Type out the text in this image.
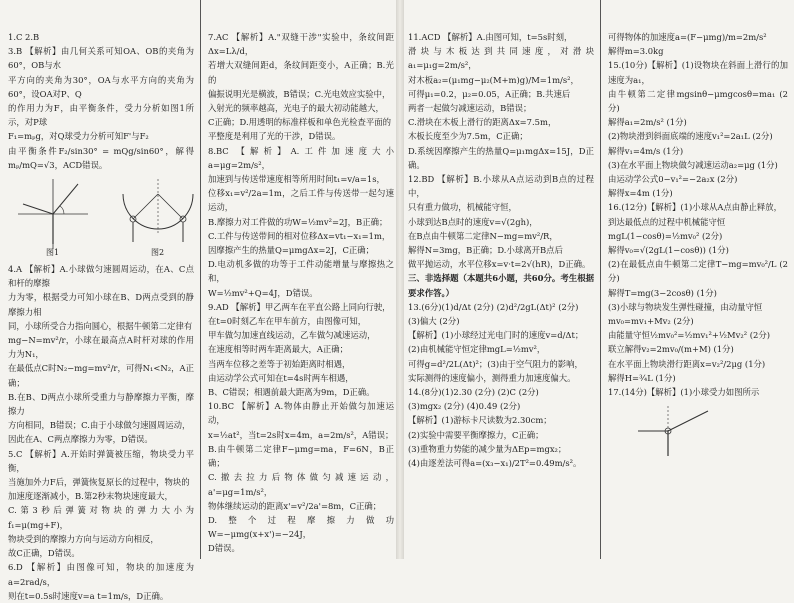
1.C 2.B

3.B 【解析】由几何关系可知OA、OB的夹角为60°，OB与水

平方向的夹角为30°，OA与水平方向的夹角为60°，设OA对P、Q

的作用力为F，由平衡条件，受力分析如图1所示，对P球

F₁=mₚg，对Q球受力分析可知F'与F₂

由平衡条件F₂/sin30° = mQg/sin60°，解得mₚ/mQ=√3，ACD错误。

图1	图2

4.A 【解析】A.小球做匀速圆周运动，在A、C点和杆的摩擦

力为零，根据受力可知小球在B、D两点受到的静摩擦力相

同，小球所受合力指向圆心，根据牛顿第二定律有

mg−N=mv²/r，小球在最高点A时杆对球的作用力为N₁，

在最低点C时N₂−mg=mv²/r，可得N₁<N₂，A正确；

B.在B、D两点小球所受重力与静摩擦力平衡，摩擦力

方向相同，B错误；C.由于小球做匀速圆周运动，

因此在A、C两点摩擦力为零，D错误。

5.C 【解析】A.开始时弹簧被压缩，物块受力平衡，

当施加外力F后，弹簧恢复原长的过程中，物块的

加速度逐渐减小，B.第2秒末物块速度最大，

C.第3秒后弹簧对物块的弹力大小为f₁=μ(mg+F)，

物块受到的摩擦力方向与运动方向相反，

故C正确，D错误。

6.D 【解析】由图像可知，物块的加速度为a=2rad/s，

则在t=0.5s时速度v=a t=1m/s，D正确。

7.AC 【解析】A."双缝干涉"实验中，条纹间距Δx=Lλ/d，

若增大双缝间距d，条纹间距变小，A正确；B.光的

偏振说明光是横波，B错误；C.光电效应实验中，

入射光的频率越高，光电子的最大初动能越大，

C正确；D.用透明的标准样板和单色光检查平面的

平整度是利用了光的干涉，D错误。

8.BC 【解析】A.工件加速度大小a=μg=2m/s²，

加速到与传送带速度相等所用时间t₁=v/a=1s，

位移x₁=v²/2a=1m，之后工件与传送带一起匀速运动，

B.摩擦力对工件做的功W=½mv²=2J，B正确；

C.工件与传送带间的相对位移Δx=vt₁−x₁=1m，

因摩擦产生的热量Q=μmgΔx=2J，C正确；

D.电动机多做的功等于工件动能增量与摩擦热之和，

W=½mv²+Q=4J，D错误。

9.AD 【解析】甲乙两车在平直公路上同向行驶，

在t=0时刻乙车在甲车前方，由图像可知，

甲车做匀加速直线运动，乙车做匀减速运动，

在速度相等时两车距离最大，A正确；

当两车位移之差等于初始距离时相遇，

由运动学公式可知在t=4s时两车相遇，

B、C错误；相遇前最大距离为9m，D正确。

10.BC 【解析】A.物体由静止开始做匀加速运动，

x=½at²，当t=2s时x=4m，a=2m/s²，A错误；

B.由牛顿第二定律F−μmg=ma，F=6N，B正确；

C.撤去拉力后物体做匀减速运动，a'=μg=1m/s²，

物体继续运动的距离x'=v²/2a'=8m，C正确；

D.整个过程摩擦力做功W=−μmg(x+x')=−24J，

D错误。

11.ACD 【解析】A.由图可知，t=5s时刻，

滑块与木板达到共同速度，对滑块a₁=μ₁g=2m/s²，

对木板a₂=(μ₁mg−μ₂(M+m)g)/M=1m/s²，

可得μ₁=0.2，μ₂=0.05，A正确；B.共速后

两者一起做匀减速运动，B错误；

C.滑块在木板上滑行的距离Δx=7.5m，

木板长度至少为7.5m，C正确；

D.系统因摩擦产生的热量Q=μ₁mgΔx=15J，D正确。

12.BD 【解析】B.小球从A点运动到B点的过程中，

只有重力做功，机械能守恒，

小球到达B点时的速度v=√(2gh)，

在B点由牛顿第二定律N−mg=mv²/R，

解得N=3mg，B正确；D.小球离开B点后

做平抛运动，水平位移x=v·t=2√(hR)，D正确。

三、非选择题（本题共6小题，共60分。考生根据要求作答。）

13.(6分)(1)d/Δt (2分) (2)d²/2gL(Δt)² (2分)

(3)偏大 (2分)

【解析】(1)小球经过光电门时的速度v=d/Δt；

(2)由机械能守恒定律mgL=½mv²，

可得g=d²/2L(Δt)²；(3)由于空气阻力的影响，

实际测得的速度偏小，测得重力加速度偏大。

14.(8分)(1)2.30 (2分) (2)C (2分)

(3)mgx₂ (2分) (4)0.49 (2分)

【解析】(1)游标卡尺读数为2.30cm；

(2)实验中需要平衡摩擦力，C正确；

(3)重物重力势能的减少量为ΔEp=mgx₂；

(4)由逐差法可得a=(x₃−x₁)/2T²=0.49m/s²。

可得物体的加速度a=(F−μmg)/m=2m/s²

解得m=3.0kg

15.(10分)【解析】(1)设物块在斜面上滑行的加速度为a₁，

由牛顿第二定律mgsinθ−μmgcosθ=ma₁ (2分)

解得a₁=2m/s² (1分)

(2)物块滑到斜面底端的速度v₁²=2a₁L (2分)

解得v₁=4m/s (1分)

(3)在水平面上物块做匀减速运动a₂=μg (1分)

由运动学公式0−v₁²=−2a₂x (2分)

解得x=4m (1分)

16.(12分)【解析】(1)小球从A点由静止释放，

到达最低点的过程中机械能守恒

mgL(1−cosθ)=½mv₀² (2分)

解得v₀=√(2gL(1−cosθ)) (1分)

(2)在最低点由牛顿第二定律T−mg=mv₀²/L (2分)

解得T=mg(3−2cosθ) (1分)

(3)小球与物块发生弹性碰撞，由动量守恒

mv₀=mv₁+Mv₂ (2分)

由能量守恒½mv₀²=½mv₁²+½Mv₂² (2分)

联立解得v₂=2mv₀/(m+M) (1分)

在水平面上物块滑行距离x=v₂²/2μg (1分)

解得H=¾L (1分)

17.(14分)【解析】(1)小球受力如图所示
